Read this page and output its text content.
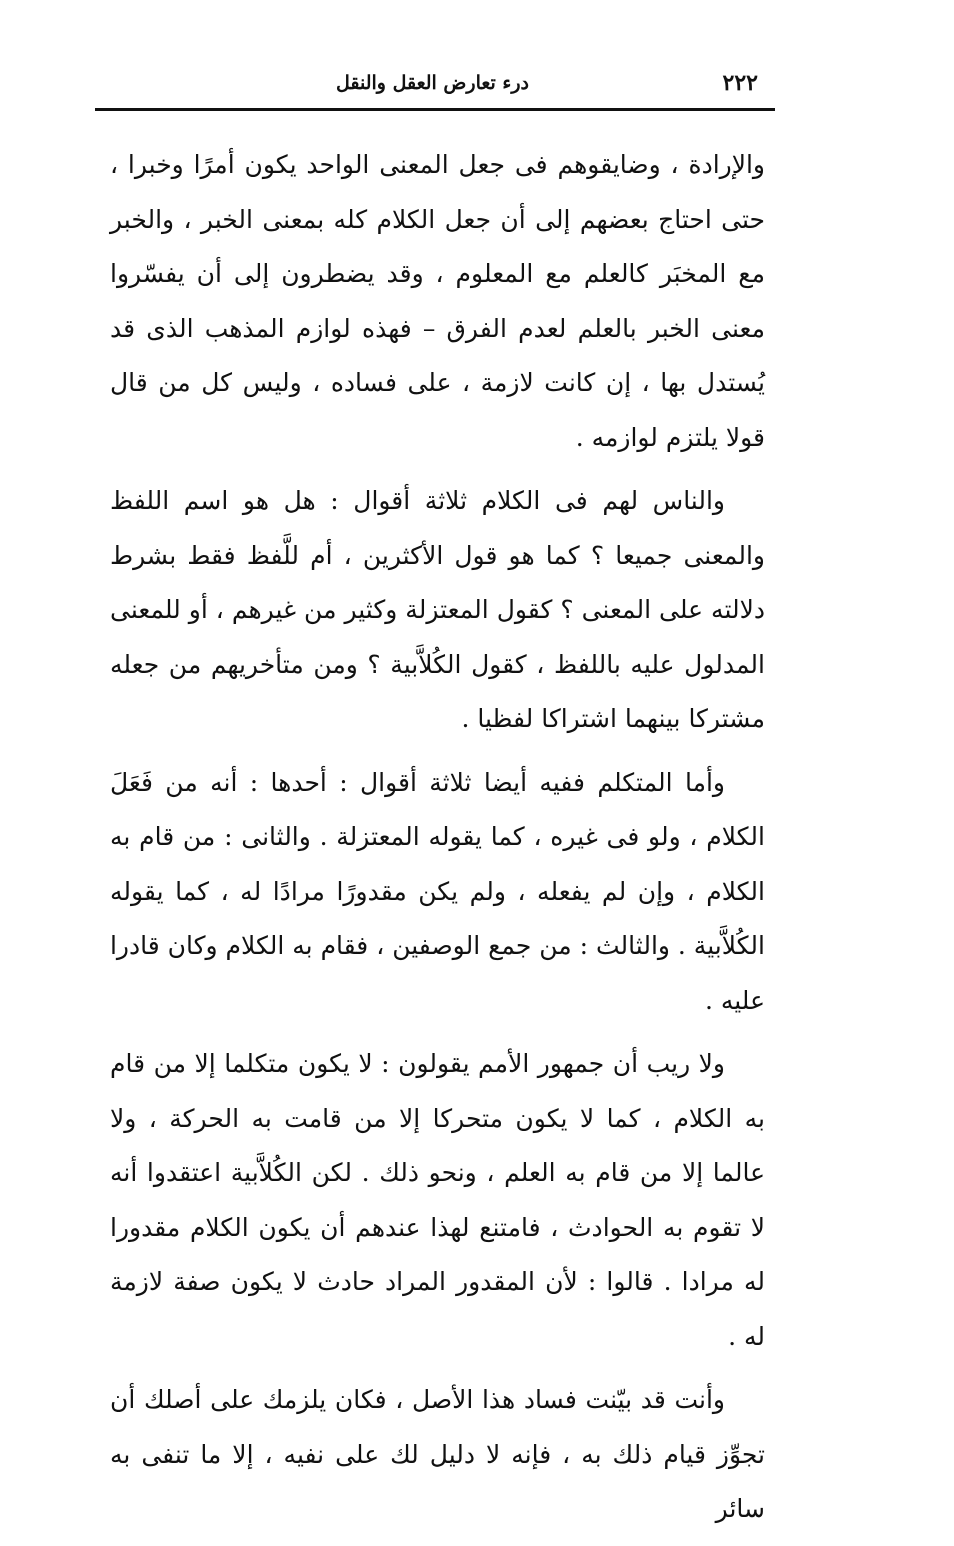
٢٢٢
درء تعارض العقل والنقل

والإرادة ، وضايقوهم فى جعل المعنى الواحد يكون أمرًا وخبرا ، حتى احتاج بعضهم إلى أن جعل الكلام كله بمعنى الخبر ، والخبر مع المخبَر كالعلم مع المعلوم ، وقد يضطرون إلى أن يفسّروا معنى الخبر بالعلم لعدم الفرق – فهذه لوازم المذهب الذى قد يُستدل بها ، إن كانت لازمة ، على فساده ، وليس كل من قال قولا يلتزم لوازمه .

والناس لهم فى الكلام ثلاثة أقوال : هل هو اسم اللفظ والمعنى جميعا ؟ كما هو قول الأكثرين ، أم للَّفظ فقط بشرط دلالته على المعنى ؟ كقول المعتزلة وكثير من غيرهم ، أو للمعنى المدلول عليه باللفظ ، كقول الكُلاَّبية ؟ ومن متأخريهم من جعله مشتركا بينهما اشتراكا لفظيا .

وأما المتكلم ففيه أيضا ثلاثة أقوال : أحدها : أنه من فَعَلَ الكلام ، ولو فى غيره ، كما يقوله المعتزلة . والثانى : من قام به الكلام ، وإن لم يفعله ، ولم يكن مقدورًا مرادًا له ، كما يقوله الكُلاَّبية . والثالث : من جمع الوصفين ، فقام به الكلام وكان قادرا عليه .

ولا ريب أن جمهور الأمم يقولون : لا يكون متكلما إلا من قام به الكلام ، كما لا يكون متحركا إلا من قامت به الحركة ، ولا عالما إلا من قام به العلم ، ونحو ذلك . لكن الكُلاَّبية اعتقدوا أنه لا تقوم به الحوادث ، فامتنع لهذا عندهم أن يكون الكلام مقدورا له مرادا . قالوا : لأن المقدور المراد حادث لا يكون صفة لازمة له .

وأنت قد بيّنت فساد هذا الأصل ، فكان يلزمك على أصلك أن تجوِّز قيام ذلك به ، فإنه لا دليل لك على نفيه ، إلا ما تنفى به سائر
